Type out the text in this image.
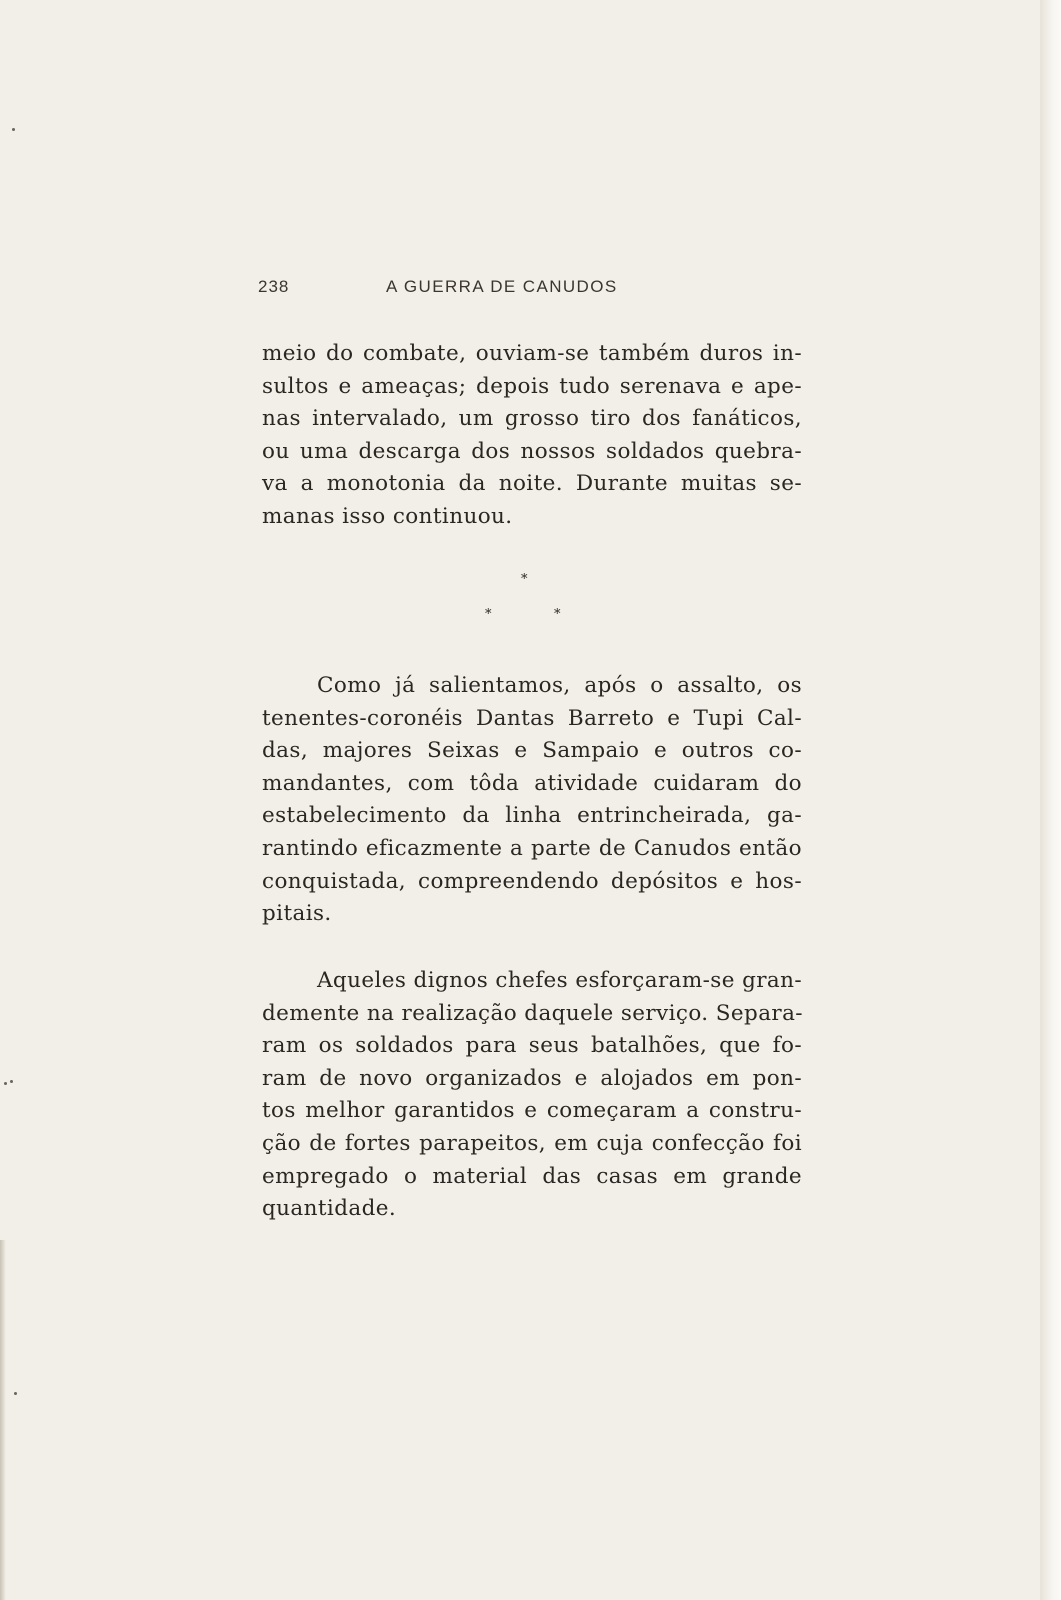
238	A GUERRA DE CANUDOS
meio do combate, ouviam-se também duros in-
sultos e ameaças; depois tudo serenava e ape-
nas intervalado, um grosso tiro dos fanáticos,
ou uma descarga dos nossos soldados quebra-
va a monotonia da noite. Durante muitas se-
manas isso continuou.
*
*	*
Como já salientamos, após o assalto, os
tenentes-coronéis Dantas Barreto e Tupi Cal-
das, majores Seixas e Sampaio e outros co-
mandantes, com tôda atividade cuidaram do
estabelecimento da linha entrincheirada, ga-
rantindo eficazmente a parte de Canudos então
conquistada, compreendendo depósitos e hos-
pitais.
Aqueles dignos chefes esforçaram-se gran-
demente na realização daquele serviço. Separa-
ram os soldados para seus batalhões, que fo-
ram de novo organizados e alojados em pon-
tos melhor garantidos e começaram a constru-
ção de fortes parapeitos, em cuja confecção foi
empregado o material das casas em grande
quantidade.
